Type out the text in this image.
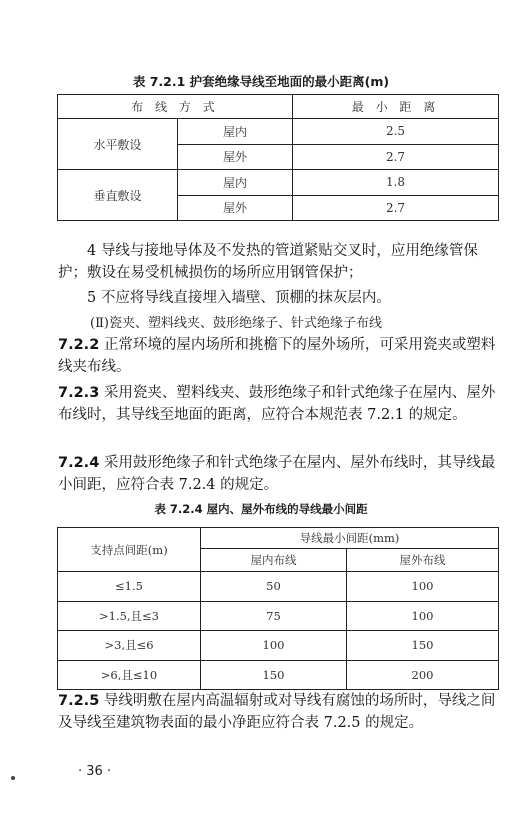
表 7.2.1 护套绝缘导线至地面的最小距离(m)
布 线 方 式		最 小 距 离
水平敷设	屋内	2.5
	屋外	2.7
垂直敷设	屋内	1.8
	屋外	2.7

4 导线与接地导体及不发热的管道紧贴交叉时，应用绝缘管保护；敷设在易受机械损伤的场所应用钢管保护；

5 不应将导线直接埋入墙壁、顶棚的抹灰层内。

(Ⅱ)瓷夹、塑料线夹、鼓形绝缘子、针式绝缘子布线

7.2.2 正常环境的屋内场所和挑檐下的屋外场所，可采用瓷夹或塑料线夹布线。

7.2.3 采用瓷夹、塑料线夹、鼓形绝缘子和针式绝缘子在屋内、屋外布线时，其导线至地面的距离，应符合本规范表 7.2.1 的规定。

7.2.4 采用鼓形绝缘子和针式绝缘子在屋内、屋外布线时，其导线最小间距，应符合表 7.2.4 的规定。

表 7.2.4 屋内、屋外布线的导线最小间距
支持点间距(m)	导线最小间距(mm)	
	屋内布线	屋外布线
≤1.5	50	100
>1.5,且≤3	75	100
>3,且≤6	100	150
>6,且≤10	150	200

7.2.5 导线明敷在屋内高温辐射或对导线有腐蚀的场所时，导线之间及导线至建筑物表面的最小净距应符合表 7.2.5 的规定。

· 36 ·
